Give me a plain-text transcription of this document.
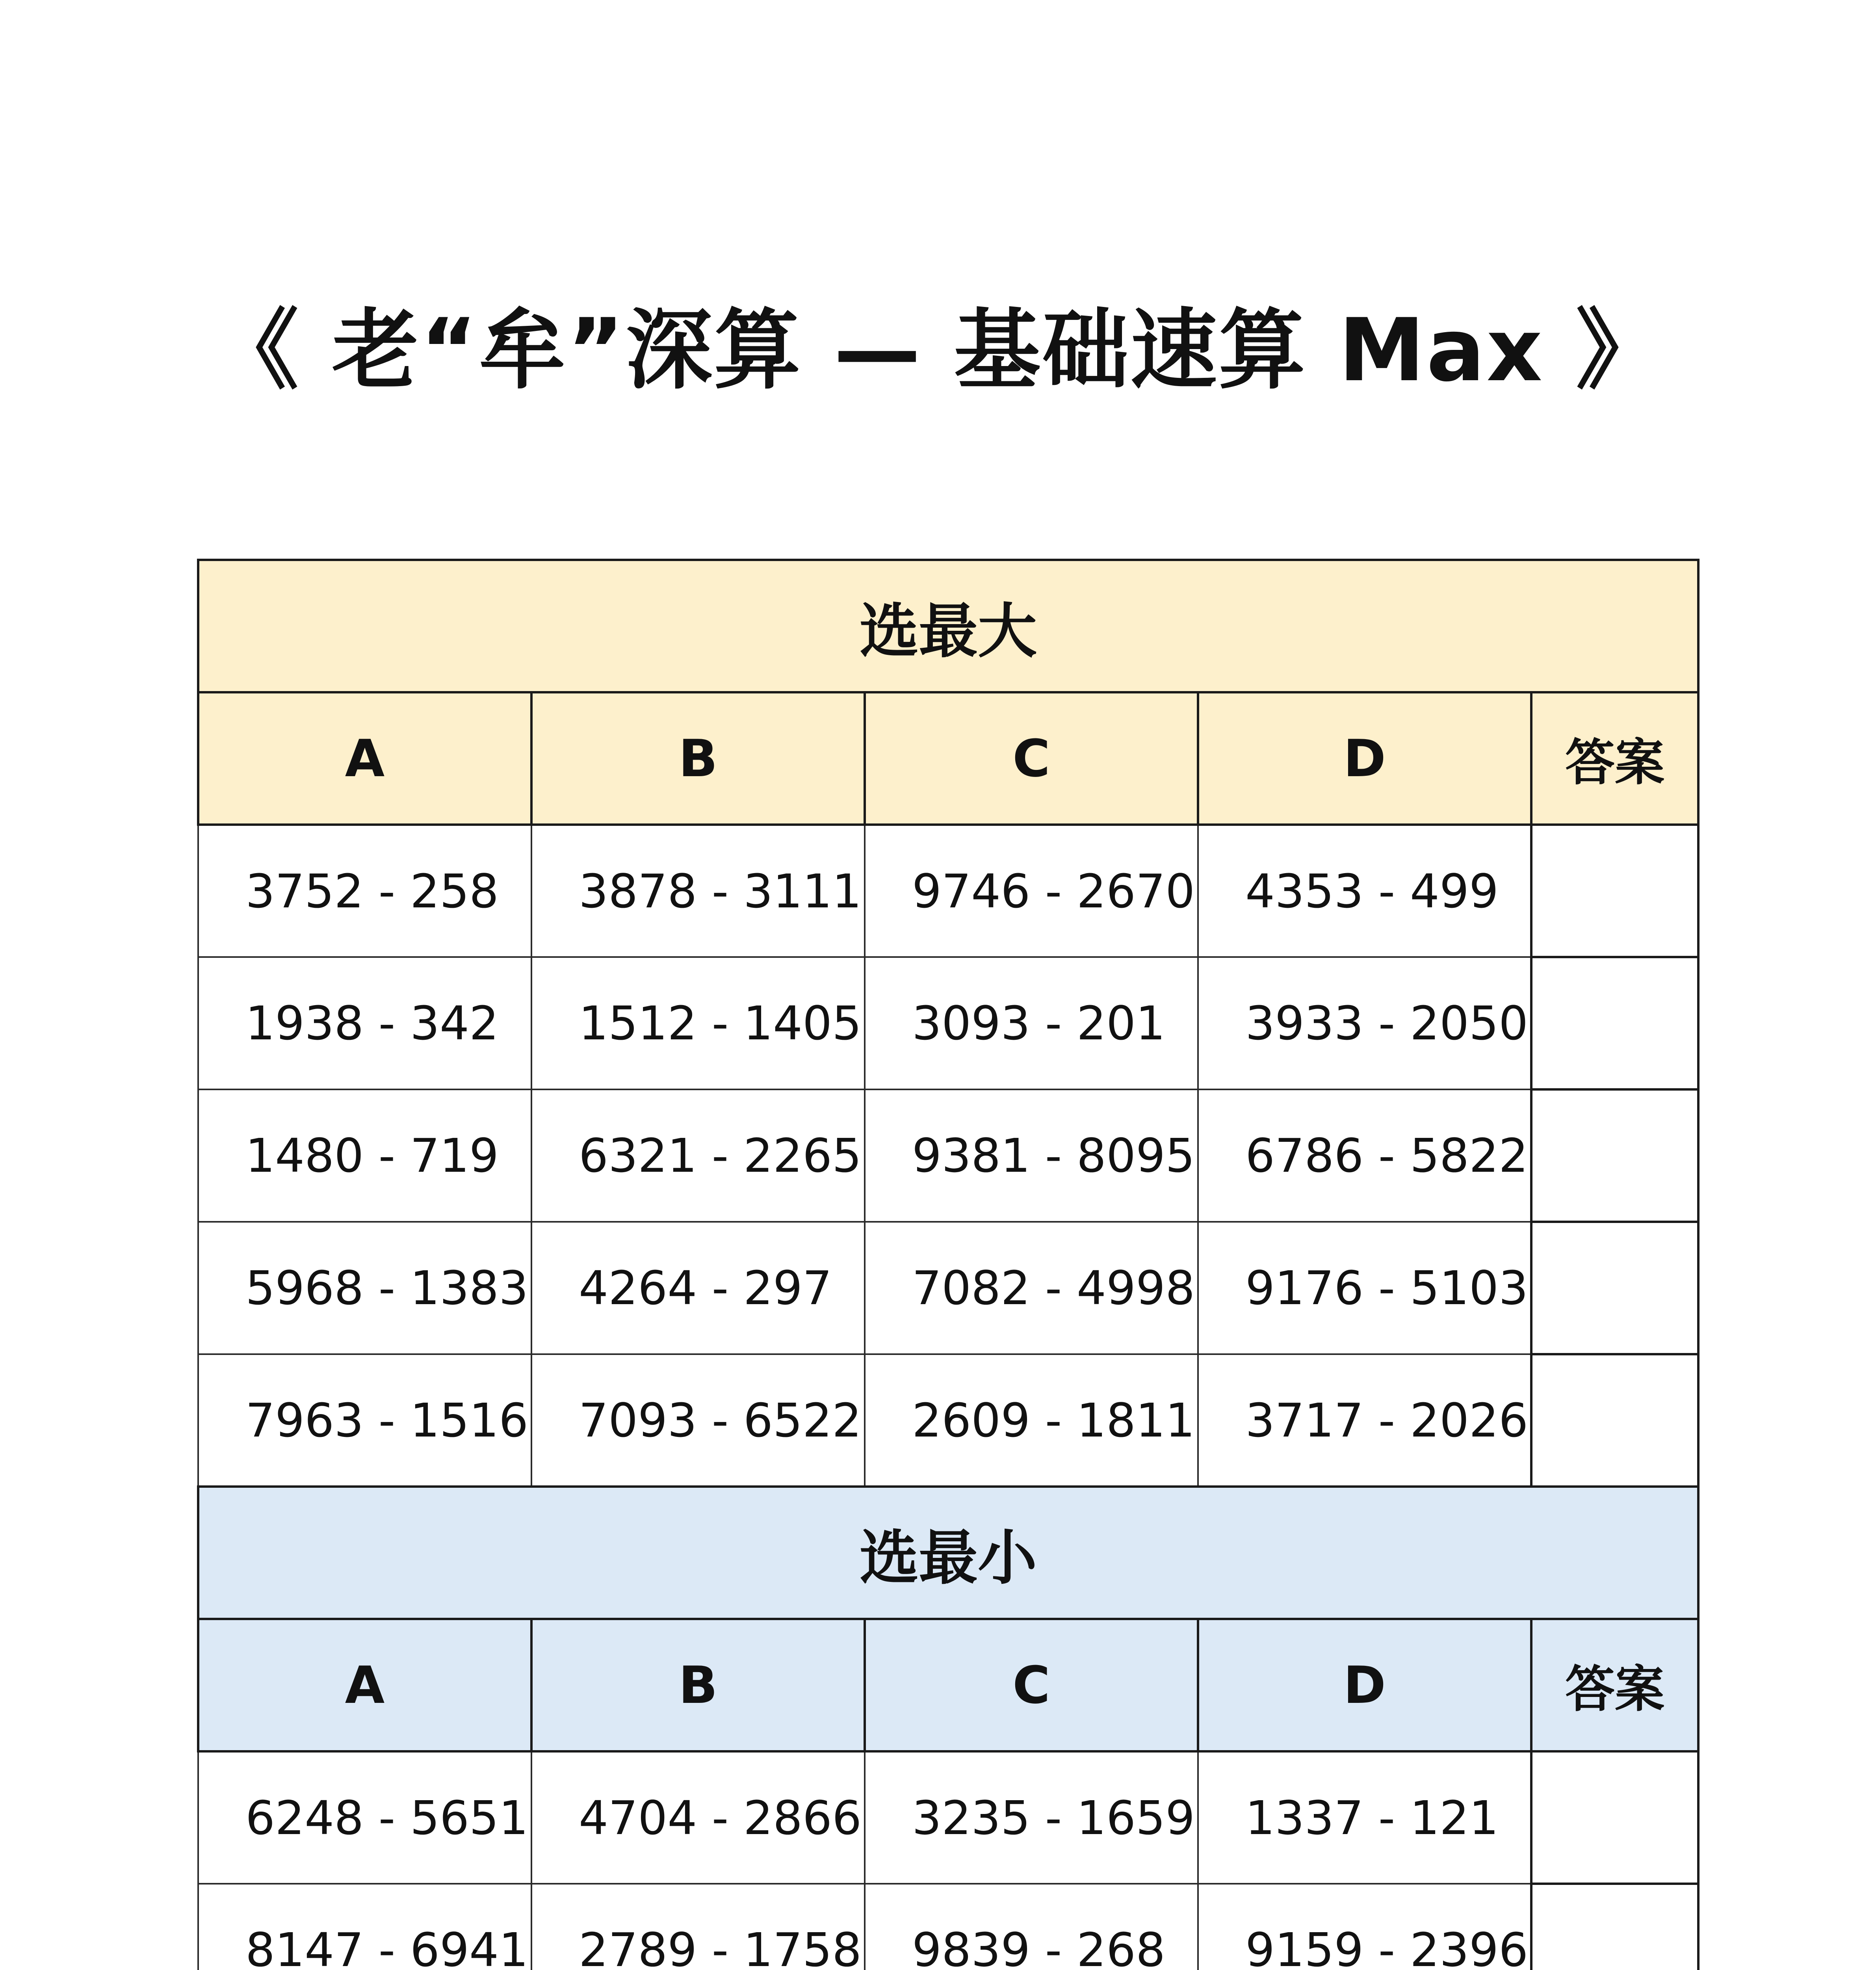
《 老“牟”深算 — 基础速算 Max 》
选最大				
A	B	C	D	答案
3752 - 258	3878 - 3111	9746 - 2670	4353 - 499	
1938 - 342	1512 - 1405	3093 - 201	3933 - 2050	
1480 - 719	6321 - 2265	9381 - 8095	6786 - 5822	
5968 - 1383	4264 - 297	7082 - 4998	9176 - 5103	
7963 - 1516	7093 - 6522	2609 - 1811	3717 - 2026	
选最小				
A	B	C	D	答案
6248 - 5651	4704 - 2866	3235 - 1659	1337 - 121	
8147 - 6941	2789 - 1758	9839 - 268	9159 - 2396	
